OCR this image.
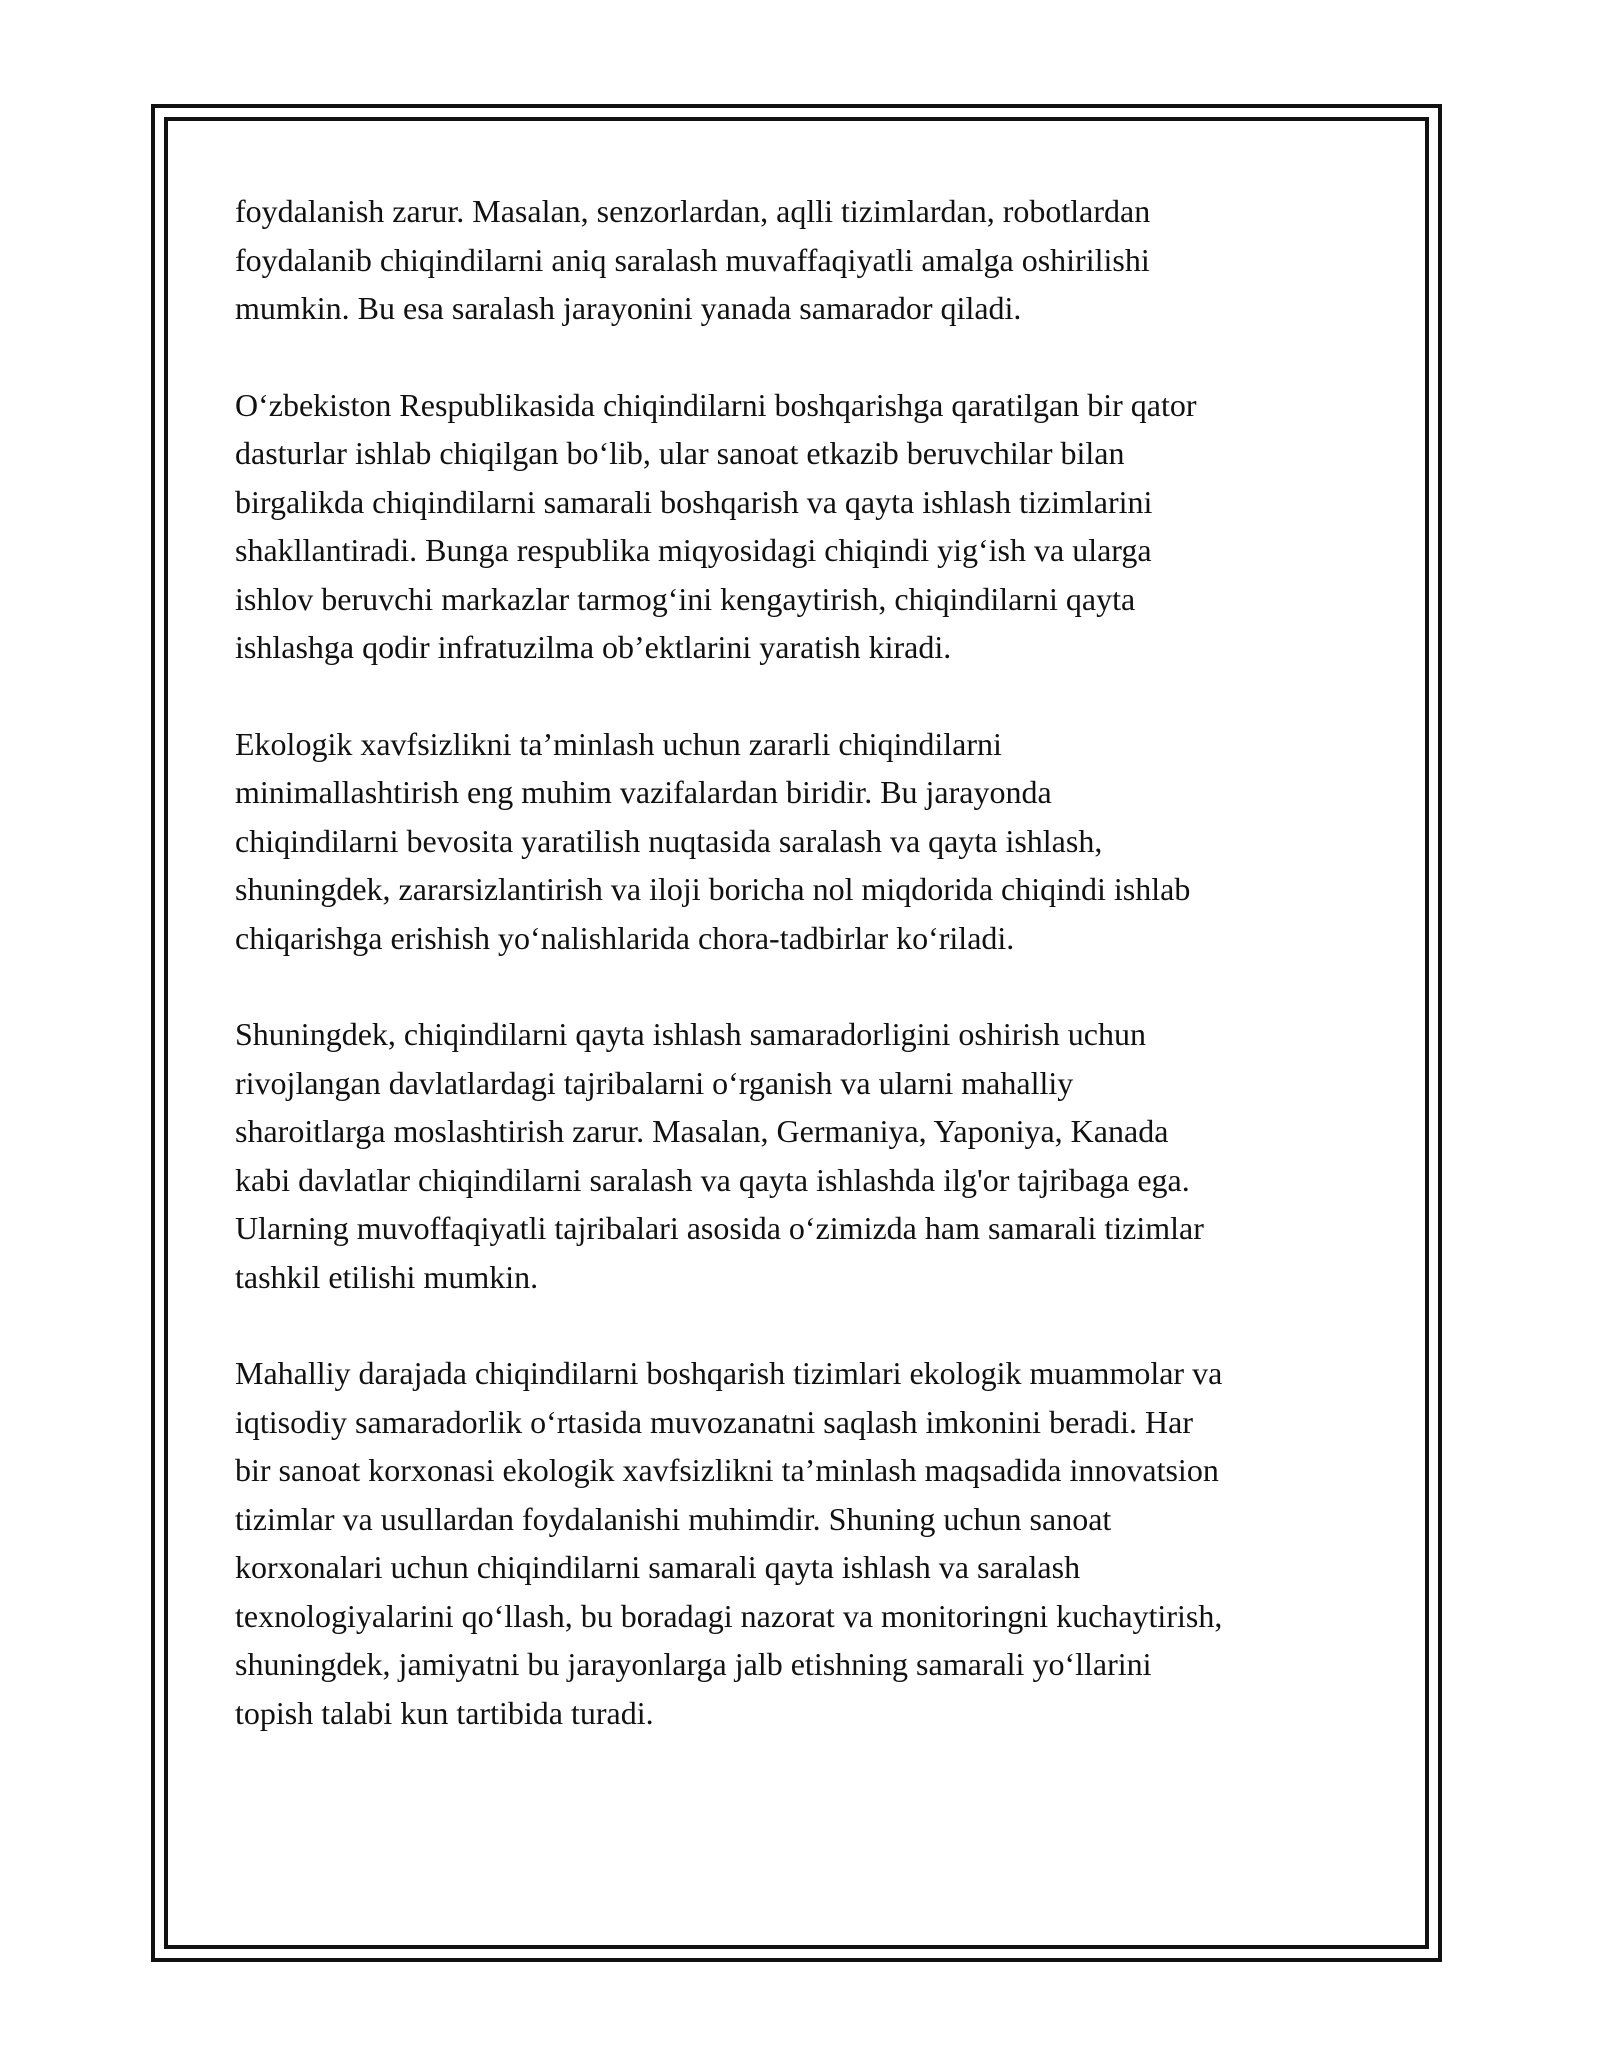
foydalanish zarur. Masalan, senzorlardan, aqlli tizimlardan, robotlardan
foydalanib chiqindilarni aniq saralash muvaffaqiyatli amalga oshirilishi
mumkin. Bu esa saralash jarayonini yanada samarador qiladi.

O‘zbekiston Respublikasida chiqindilarni boshqarishga qaratilgan bir qator
dasturlar ishlab chiqilgan bo‘lib, ular sanoat etkazib beruvchilar bilan
birgalikda chiqindilarni samarali boshqarish va qayta ishlash tizimlarini
shakllantiradi. Bunga respublika miqyosidagi chiqindi yig‘ish va ularga
ishlov beruvchi markazlar tarmog‘ini kengaytirish, chiqindilarni qayta
ishlashga qodir infratuzilma ob’ektlarini yaratish kiradi.

Ekologik xavfsizlikni ta’minlash uchun zararli chiqindilarni
minimallashtirish eng muhim vazifalardan biridir. Bu jarayonda
chiqindilarni bevosita yaratilish nuqtasida saralash va qayta ishlash,
shuningdek, zararsizlantirish va iloji boricha nol miqdorida chiqindi ishlab
chiqarishga erishish yo‘nalishlarida chora-tadbirlar ko‘riladi.

Shuningdek, chiqindilarni qayta ishlash samaradorligini oshirish uchun
rivojlangan davlatlardagi tajribalarni o‘rganish va ularni mahalliy
sharoitlarga moslashtirish zarur. Masalan, Germaniya, Yaponiya, Kanada
kabi davlatlar chiqindilarni saralash va qayta ishlashda ilg'or tajribaga ega.
Ularning muvoffaqiyatli tajribalari asosida o‘zimizda ham samarali tizimlar
tashkil etilishi mumkin.

Mahalliy darajada chiqindilarni boshqarish tizimlari ekologik muammolar va
iqtisodiy samaradorlik o‘rtasida muvozanatni saqlash imkonini beradi. Har
bir sanoat korxonasi ekologik xavfsizlikni ta’minlash maqsadida innovatsion
tizimlar va usullardan foydalanishi muhimdir. Shuning uchun sanoat
korxonalari uchun chiqindilarni samarali qayta ishlash va saralash
texnologiyalarini qo‘llash, bu boradagi nazorat va monitoringni kuchaytirish,
shuningdek, jamiyatni bu jarayonlarga jalb etishning samarali yo‘llarini
topish talabi kun tartibida turadi.
